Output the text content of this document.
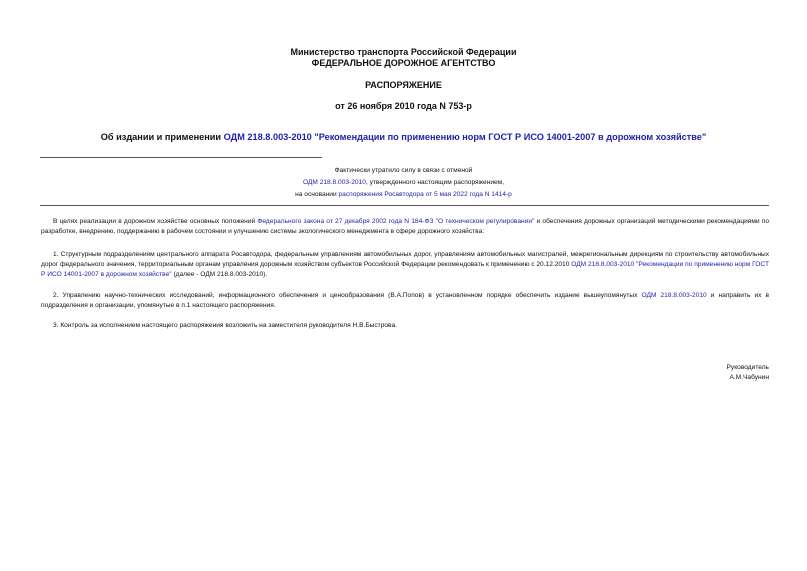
Министерство транспорта Российской Федерации
ФЕДЕРАЛЬНОЕ ДОРОЖНОЕ АГЕНТСТВО
РАСПОРЯЖЕНИЕ
от 26 ноября 2010 года N 753-р
Об издании и применении ОДМ 218.8.003-2010 "Рекомендации по применению норм ГОСТ Р ИСО 14001-2007 в дорожном хозяйстве"
Фактически утратило силу в связи с отменой
ОДМ 218.8.003-2010, утвержденного настоящим распоряжением,
на основании распоряжения Росавтодора от 5 мая 2022 года N 1414-р
В целях реализации в дорожном хозяйстве основных положений Федерального закона от 27 декабря 2002 года N 184-ФЗ "О техническом регулировании" и обеспечения дорожных организаций методическими рекомендациями по разработке, внедрению, поддержанию в рабочем состоянии и улучшению системы экологического менеджмента в сфере дорожного хозяйства:
1. Структурным подразделениям центрального аппарата Росавтодора, федеральным управлениям автомобильных дорог, управлениям автомобильных магистралей, межрегиональным дирекциям по строительству автомобильных дорог федерального значения, территориальным органам управления дорожным хозяйством субъектов Российской Федерации рекомендовать к применению с 20.12.2010 ОДМ 218.8.003-2010 "Рекомендации по применению норм ГОСТ Р ИСО 14001-2007 в дорожном хозяйстве" (далее - ОДМ 218.8.003-2010).
2. Управлению научно-технических исследований, информационного обеспечения и ценообразования (В.А.Попов) в установленном порядке обеспечить издание вышеупомянутых ОДМ 218.8.003-2010 и направить их в подразделения и организации, упомянутые в п.1 настоящего распоряжения.
3. Контроль за исполнением настоящего распоряжения возложить на заместителя руководителя Н.В.Быстрова.
Руководитель
А.М.Чабунин
